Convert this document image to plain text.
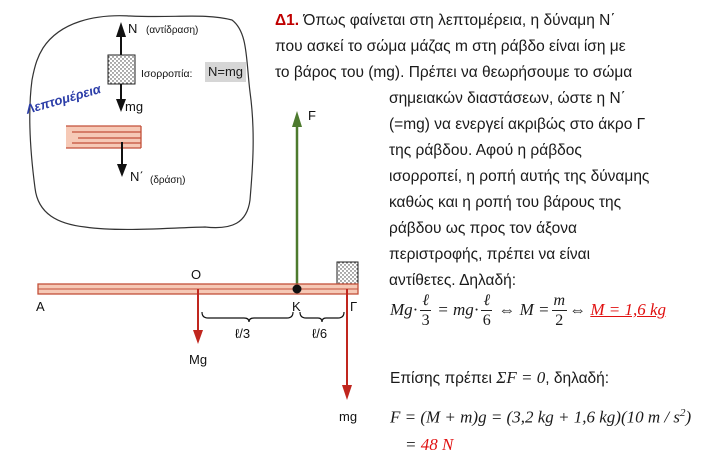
Λεπτομέρεια
N (αντίδραση)
Ισορροπία:
mg
N΄ (δράση)
F
O
A	K	Γ
Mg
mg
ℓ/3	ℓ/6
N=mg
Δ1. Όπως φαίνεται στη λεπτομέρεια, η δύναμη Ν΄
που ασκεί το σώμα μάζας m στη ράβδο είναι ίση με
το βάρος του (mg). Πρέπει να θεωρήσουμε το σώμα
σημειακών διαστάσεων, ώστε η Ν΄
(=mg) να ενεργεί ακριβώς στο άκρο Γ
της ράβδου. Αφού η ράβδος
ισορροπεί, η ροπή αυτής της δύναμης
καθώς και η ροπή του βάρους της
ράβδου ως προς τον άξονα
περιστροφής, πρέπει να είναι
αντίθετες. Δηλαδή:
$Mg\cdot \frac{\text{ℓ}}{3} = mg\cdot \frac{\text{ℓ}}{6}$ ⇔ $M = \frac{m}{2}$ ⇔ M = 1,6 kg
Επίσης πρέπει ΣF = 0, δηλαδή:
F = (M + m)g = (3,2 kg + 1,6 kg)(10 m / $s^2$)
= 48 N
